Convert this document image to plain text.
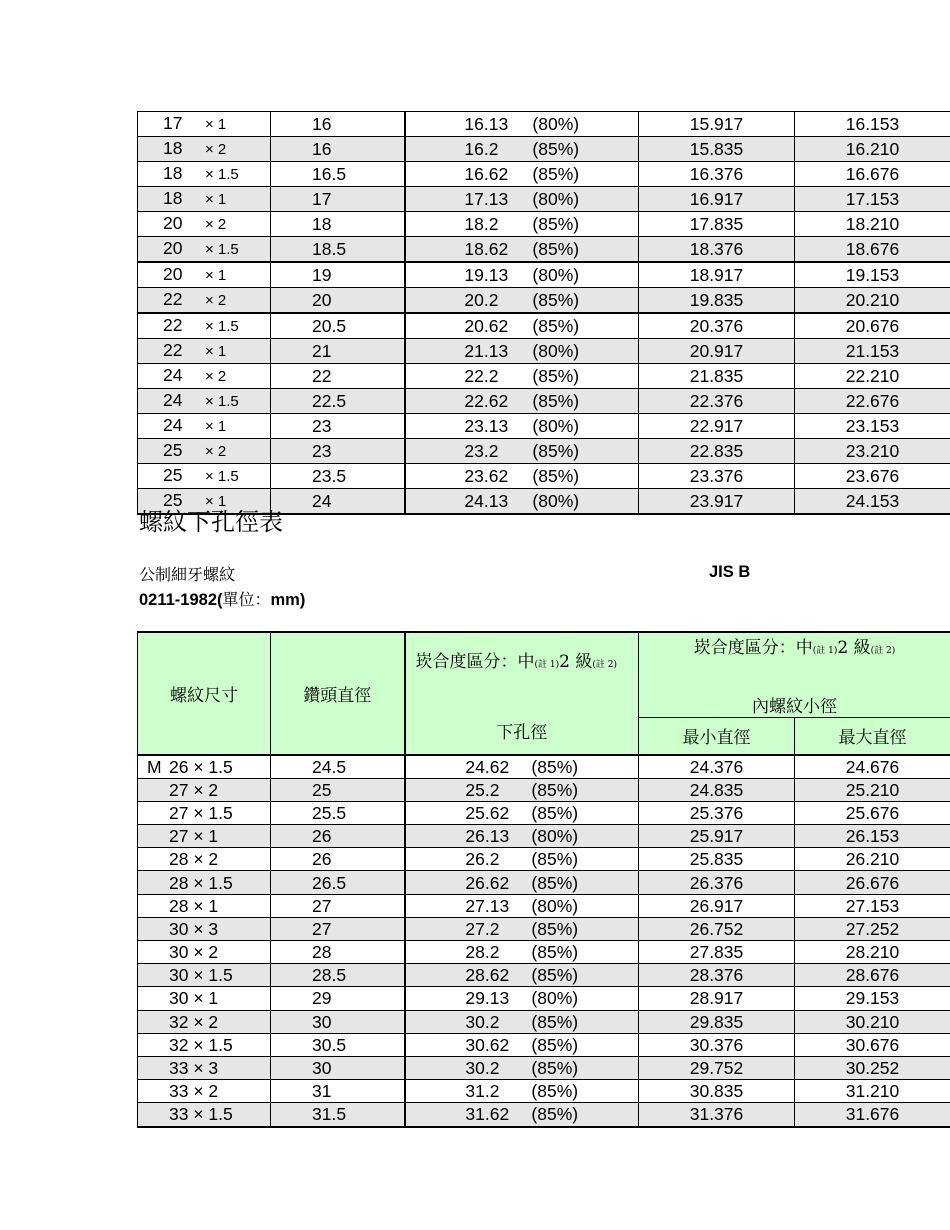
17 × 1	16	16.13 (80%)	15.917	16.153
18 × 2	16	16.2 (85%)	15.835	16.210
18 × 1.5	16.5	16.62 (85%)	16.376	16.676
18 × 1	17	17.13 (80%)	16.917	17.153
20 × 2	18	18.2 (85%)	17.835	18.210
20 × 1.5	18.5	18.62 (85%)	18.376	18.676
20 × 1	19	19.13 (80%)	18.917	19.153
22 × 2	20	20.2 (85%)	19.835	20.210
22 × 1.5	20.5	20.62 (85%)	20.376	20.676
22 × 1	21	21.13 (80%)	20.917	21.153
24 × 2	22	22.2 (85%)	21.835	22.210
24 × 1.5	22.5	22.62 (85%)	22.376	22.676
24 × 1	23	23.13 (80%)	22.917	23.153
25 × 2	23	23.2 (85%)	22.835	23.210
25 × 1.5	23.5	23.62 (85%)	23.376	23.676
25 × 1	24	24.13 (80%)	23.917	24.153
螺紋下孔徑表
公制細牙螺紋	JIS B
0211-1982(單位：mm)
螺紋尺寸	鑽頭直徑	崁合度區分：中(註 1)2 級(註 2)	崁合度區分：中(註 1)2 級(註 2)	
			內螺紋小徑	
		下孔徑	最小直徑	最大直徑
M 26 × 1.5	24.5	24.62 (85%)	24.376	24.676
27 × 2	25	25.2 (85%)	24.835	25.210
27 × 1.5	25.5	25.62 (85%)	25.376	25.676
27 × 1	26	26.13 (80%)	25.917	26.153
28 × 2	26	26.2 (85%)	25.835	26.210
28 × 1.5	26.5	26.62 (85%)	26.376	26.676
28 × 1	27	27.13 (80%)	26.917	27.153
30 × 3	27	27.2 (85%)	26.752	27.252
30 × 2	28	28.2 (85%)	27.835	28.210
30 × 1.5	28.5	28.62 (85%)	28.376	28.676
30 × 1	29	29.13 (80%)	28.917	29.153
32 × 2	30	30.2 (85%)	29.835	30.210
32 × 1.5	30.5	30.62 (85%)	30.376	30.676
33 × 3	30	30.2 (85%)	29.752	30.252
33 × 2	31	31.2 (85%)	30.835	31.210
33 × 1.5	31.5	31.62 (85%)	31.376	31.676
